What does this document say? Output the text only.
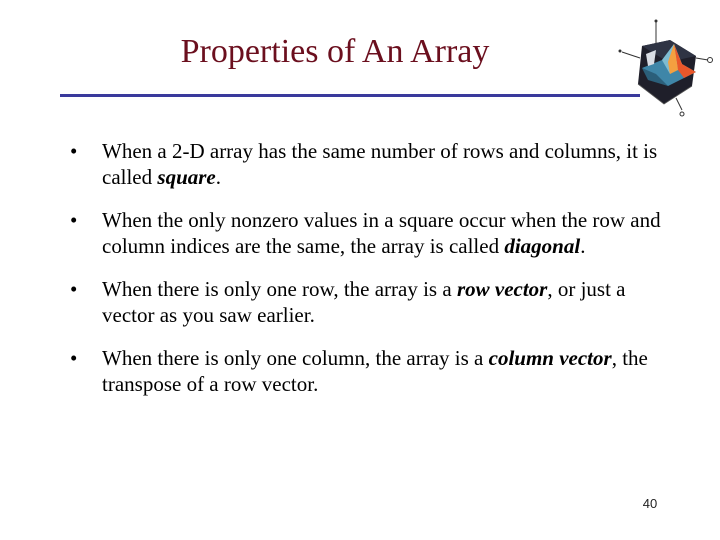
Properties of An Array
•	When a 2-D array has the same number of rows and columns, it is called square.
•	When the only nonzero values in a square occur when the row and column indices are the same, the array is called diagonal.
•	When there is only one row, the array is a row vector, or just a vector as you saw earlier.
•	When there is only one column, the array is a column vector, the transpose of a row vector.
40
